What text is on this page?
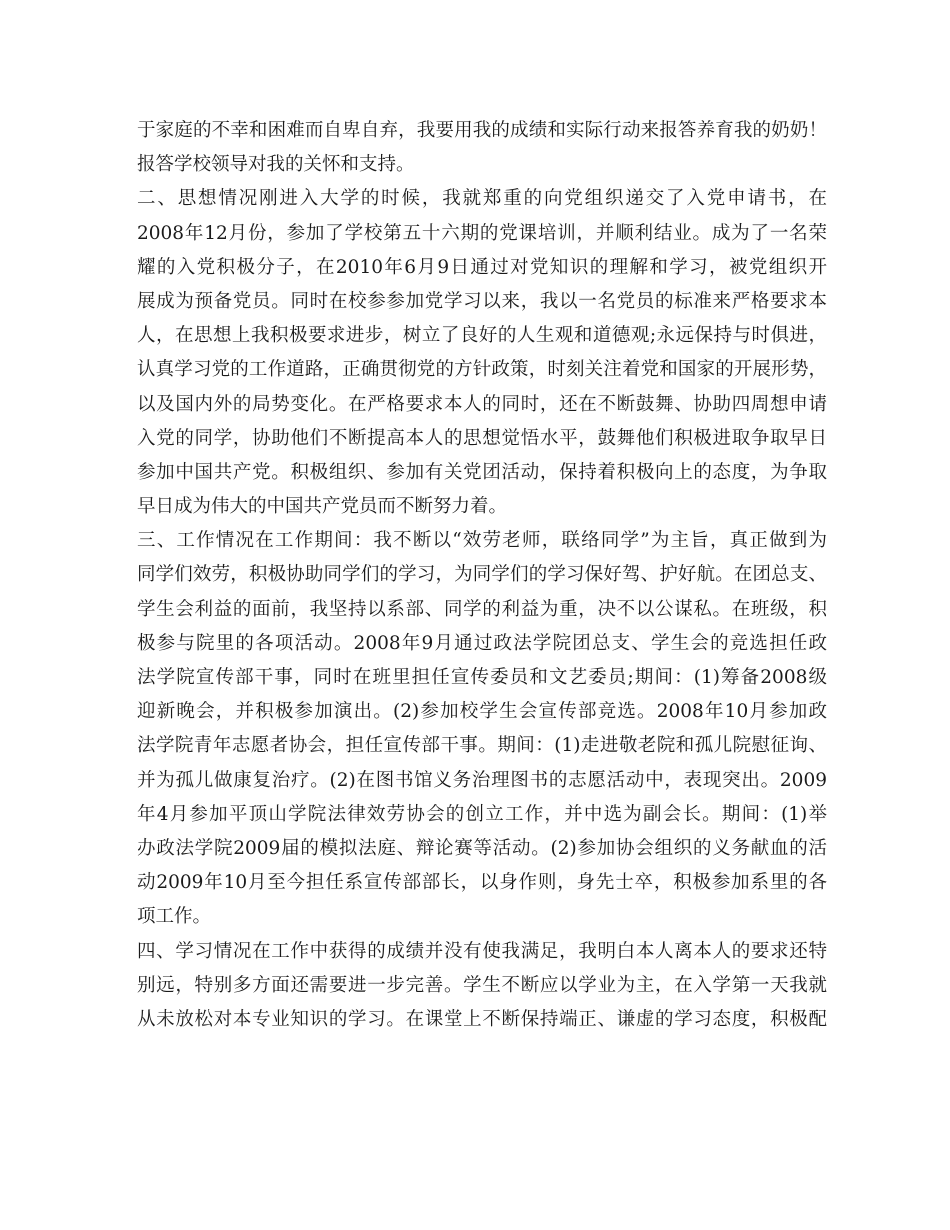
于家庭的不幸和困难而自卑自弃，我要用我的成绩和实际行动来报答养育我的奶奶！
报答学校领导对我的关怀和支持。
二、思想情况刚进入大学的时候，我就郑重的向党组织递交了入党申请书，在
2008年12月份，参加了学校第五十六期的党课培训，并顺利结业。成为了一名荣
耀的入党积极分子，在2010年6月9日通过对党知识的理解和学习，被党组织开
展成为预备党员。同时在校参参加党学习以来，我以一名党员的标准来严格要求本
人，在思想上我积极要求进步，树立了良好的人生观和道德观;永远保持与时俱进，
认真学习党的工作道路，正确贯彻党的方针政策，时刻关注着党和国家的开展形势，
以及国内外的局势变化。在严格要求本人的同时，还在不断鼓舞、协助四周想申请
入党的同学，协助他们不断提高本人的思想觉悟水平，鼓舞他们积极进取争取早日
参加中国共产党。积极组织、参加有关党团活动，保持着积极向上的态度，为争取
早日成为伟大的中国共产党员而不断努力着。
三、工作情况在工作期间：我不断以“效劳老师，联络同学”为主旨，真正做到为
同学们效劳，积极协助同学们的学习，为同学们的学习保好驾、护好航。在团总支、
学生会利益的面前，我坚持以系部、同学的利益为重，决不以公谋私。在班级，积
极参与院里的各项活动。2008年9月通过政法学院团总支、学生会的竞选担任政
法学院宣传部干事，同时在班里担任宣传委员和文艺委员;期间：(1)筹备2008级
迎新晚会，并积极参加演出。(2)参加校学生会宣传部竞选。2008年10月参加政
法学院青年志愿者协会，担任宣传部干事。期间：(1)走进敬老院和孤儿院慰征询、
并为孤儿做康复治疗。(2)在图书馆义务治理图书的志愿活动中，表现突出。2009
年4月参加平顶山学院法律效劳协会的创立工作，并中选为副会长。期间：(1)举
办政法学院2009届的模拟法庭、辩论赛等活动。(2)参加协会组织的义务献血的活
动2009年10月至今担任系宣传部部长，以身作则，身先士卒，积极参加系里的各
项工作。
四、学习情况在工作中获得的成绩并没有使我满足，我明白本人离本人的要求还特
别远，特别多方面还需要进一步完善。学生不断应以学业为主，在入学第一天我就
从未放松对本专业知识的学习。在课堂上不断保持端正、谦虚的学习态度，积极配
